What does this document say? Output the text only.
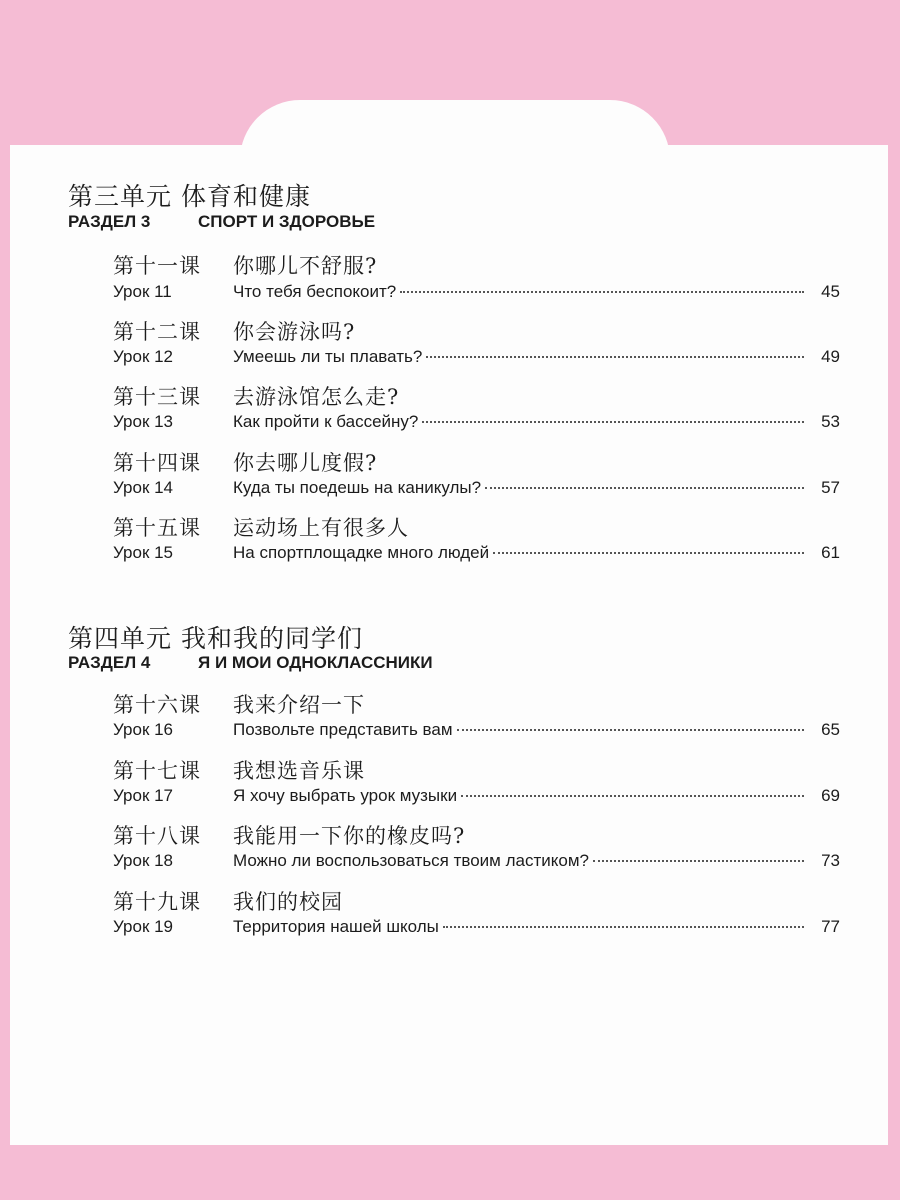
第三单元 体育和健康
РАЗДЕЛ 3	СПОРТ И ЗДОРОВЬЕ
第十一课 你哪儿不舒服?
Урок 11	Что тебя беспокоит?	45
第十二课 你会游泳吗?
Урок 12	Умеешь ли ты плавать?	49
第十三课 去游泳馆怎么走?
Урок 13	Как пройти к бассейну?	53
第十四课 你去哪儿度假?
Урок 14	Куда ты поедешь на каникулы?	57
第十五课 运动场上有很多人
Урок 15	На спортплощадке много людей	61
第四单元 我和我的同学们
РАЗДЕЛ 4	Я И МОИ ОДНОКЛАССНИКИ
第十六课 我来介绍一下
Урок 16	Позвольте представить вам	65
第十七课 我想选音乐课
Урок 17	Я хочу выбрать урок музыки	69
第十八课 我能用一下你的橡皮吗?
Урок 18	Можно ли воспользоваться твоим ластиком?	73
第十九课 我们的校园
Урок 19	Территория нашей школы	77
